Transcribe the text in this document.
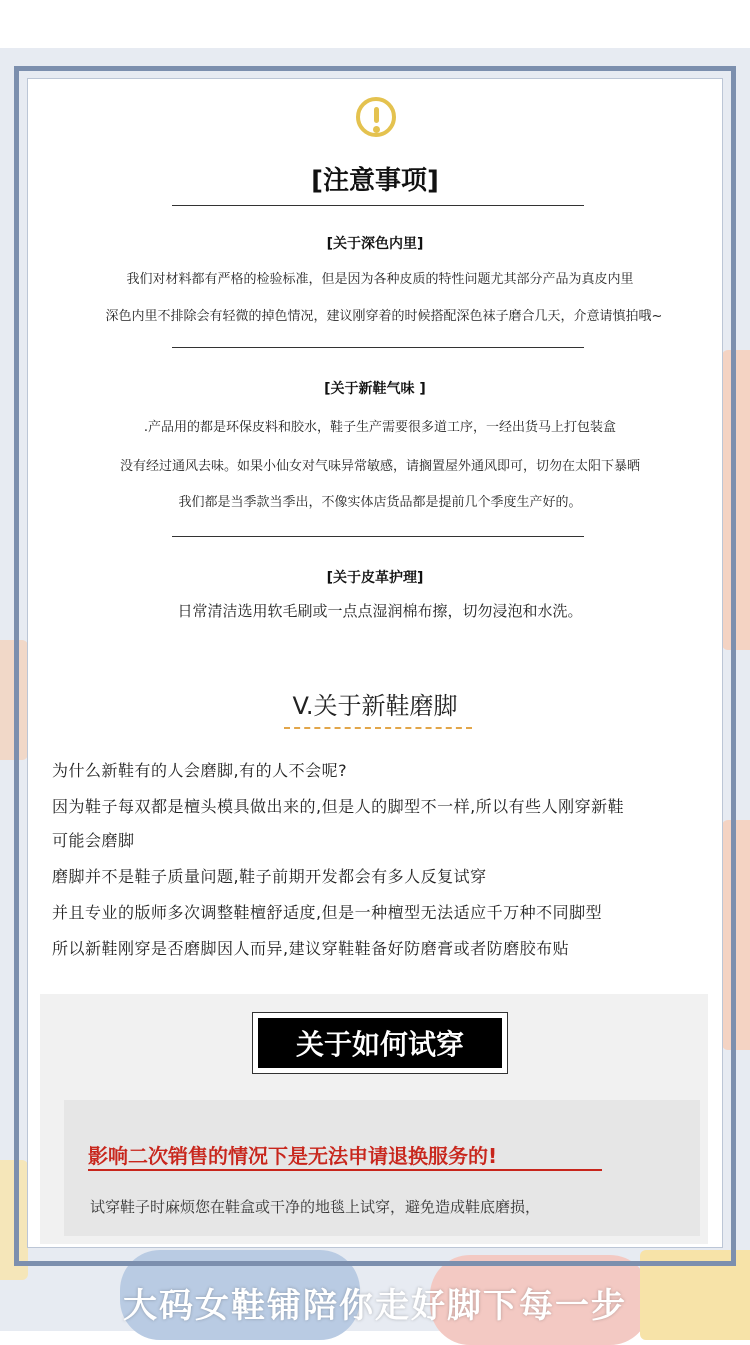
[注意事项]
[关于深色内里]
我们对材料都有严格的检验标准，但是因为各种皮质的特性问题尤其部分产品为真皮内里
深色内里不排除会有轻微的掉色情况，建议刚穿着的时候搭配深色袜子磨合几天，介意请慎拍哦~
[关于新鞋气味 ]
.产品用的都是环保皮料和胶水，鞋子生产需要很多道工序，一经出货马上打包装盒
没有经过通风去味。如果小仙女对气味异常敏感，请搁置屋外通风即可，切勿在太阳下暴晒
我们都是当季款当季出，不像实体店货品都是提前几个季度生产好的。
[关于皮革护理]
日常清洁选用软毛刷或一点点湿润棉布擦，切勿浸泡和水洗。
V.关于新鞋磨脚
为什么新鞋有的人会磨脚,有的人不会呢?
因为鞋子每双都是檀头模具做出来的,但是人的脚型不一样,所以有些人刚穿新鞋
可能会磨脚
磨脚并不是鞋子质量问题,鞋子前期开发都会有多人反复试穿
并且专业的版师多次调整鞋檀舒适度,但是一种檀型无法适应千万种不同脚型
所以新鞋刚穿是否磨脚因人而异,建议穿鞋鞋备好防磨膏或者防磨胶布贴
关于如何试穿
影响二次销售的情况下是无法申请退换服务的!
试穿鞋子时麻烦您在鞋盒或干净的地毯上试穿，避免造成鞋底磨损，
大码女鞋铺陪你走好脚下每一步
